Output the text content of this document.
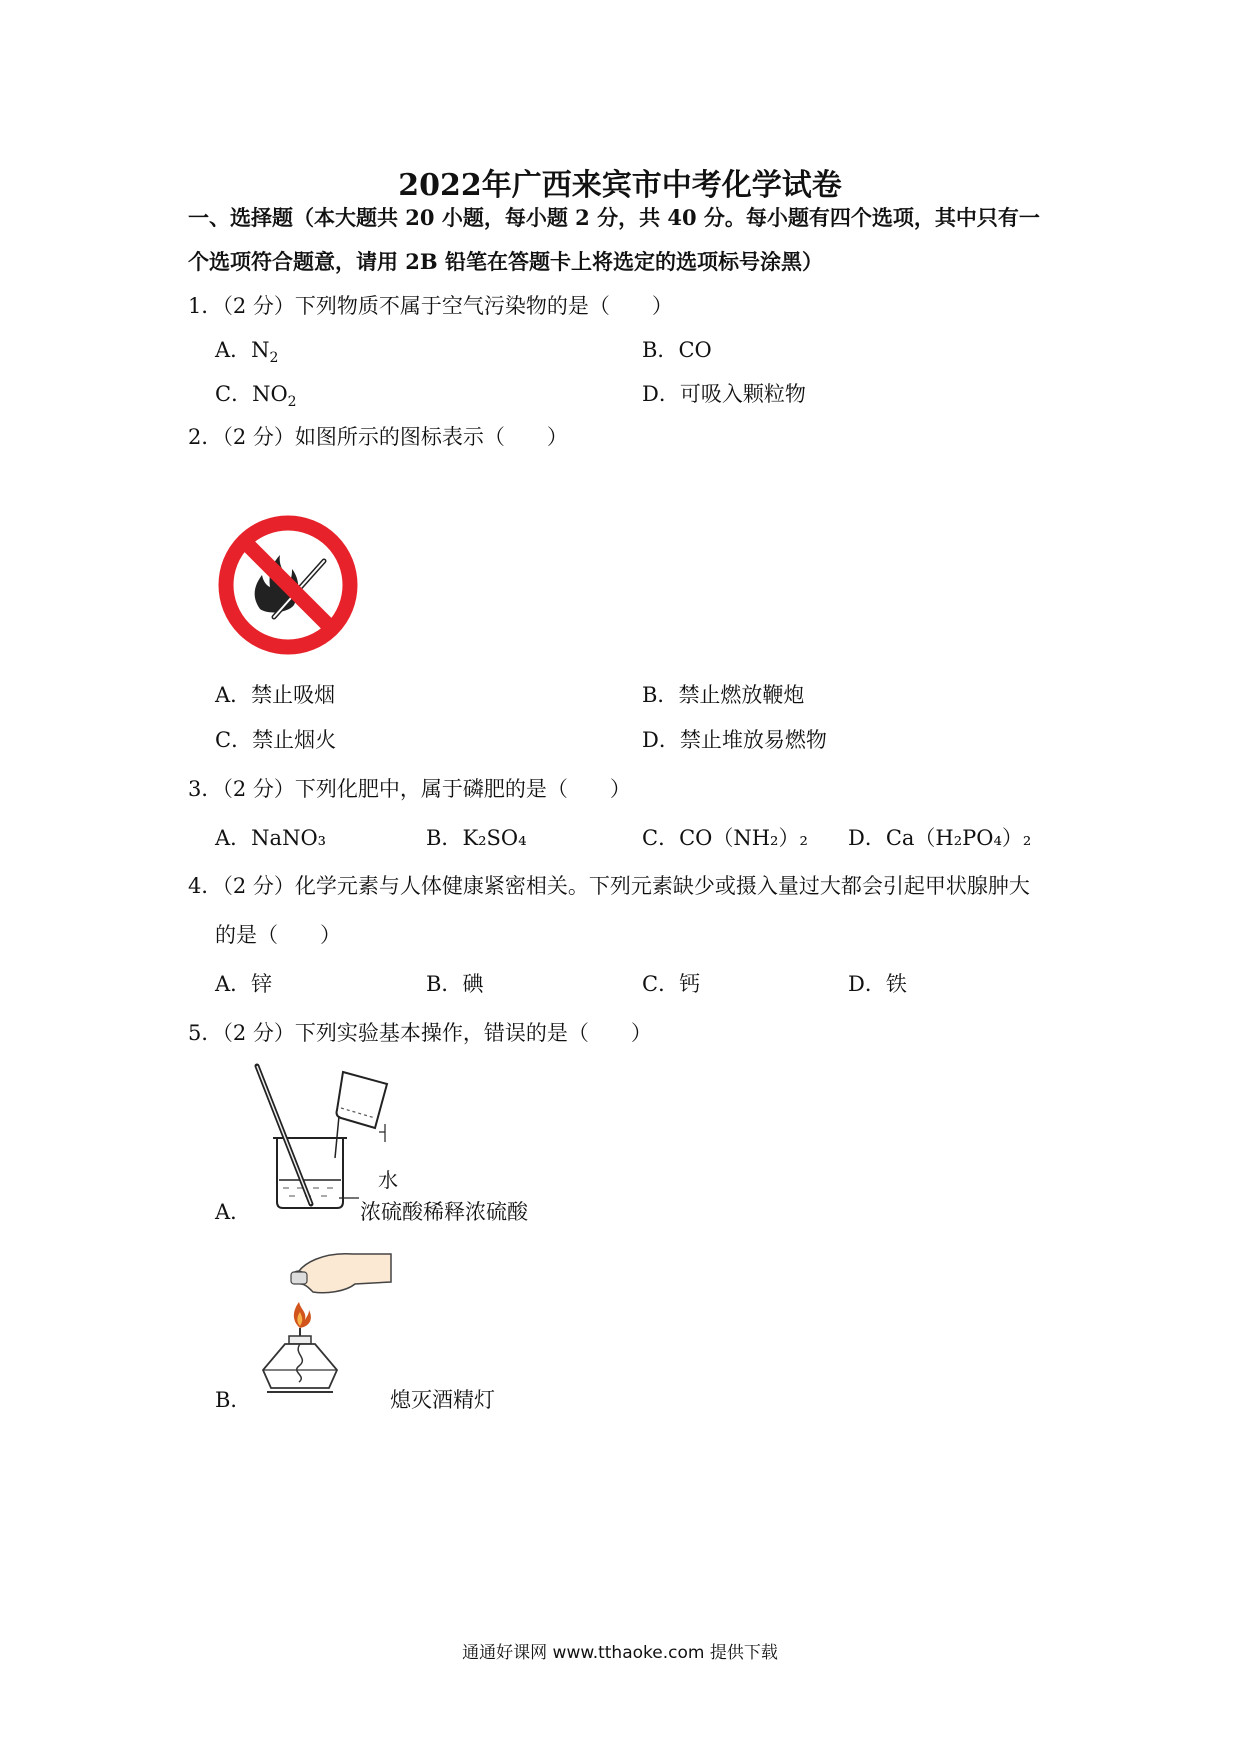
2022年广西来宾市中考化学试卷
一、选择题（本大题共 20 小题，每小题 2 分，共 40 分。每小题有四个选项，其中只有一
个选项符合题意，请用 2B 铅笔在答题卡上将选定的选项标号涂黑）
1．（2 分）下列物质不属于空气污染物的是（　　）
A．$N_2$	B．CO
C．$NO_2$	D．可吸入颗粒物
2．（2 分）如图所示的图标表示（　　）
A．禁止吸烟	B．禁止燃放鞭炮
C．禁止烟火	D．禁止堆放易燃物
3．（2 分）下列化肥中，属于磷肥的是（　　）
A．NaNO₃	B．K₂SO₄	C．CO（NH₂）₂ D．Ca（H₂PO₄）₂
4．（2 分）化学元素与人体健康紧密相关。下列元素缺少或摄入量过大都会引起甲状腺肿大
的是（　　）
A．锌	B．碘	C．钙	D．铁
5．（2 分）下列实验基本操作，错误的是（　　）
水
A．	浓硫酸稀释浓硫酸
B．	熄灭酒精灯
通通好课网 www.tthaoke.com 提供下载
